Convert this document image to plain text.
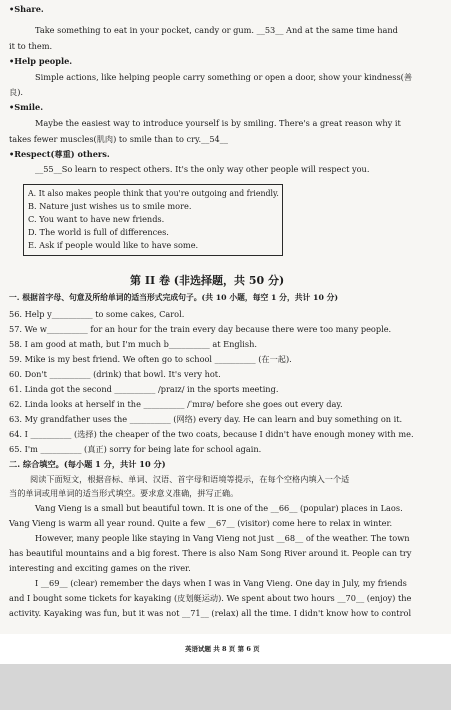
•Share.
Take something to eat in your pocket, candy or gum. __53__ And at the same time hand
it to them.
•Help people.
Simple actions, like helping people carry something or open a door, show your kindness(善
良).
•Smile.
Maybe the easiest way to introduce yourself is by smiling. There's a great reason why it
takes fewer muscles(肌肉) to smile than to cry.__54__
•Respect(尊重) others.
__55__So learn to respect others. It's the only way other people will respect you.
A. It also makes people think that you're outgoing and friendly.
B. Nature just wishes us to smile more.
C. You want to have new friends.
D. The world is full of differences.
E. Ask if people would like to have some.
第 II 卷 (非选择题，共 50 分)
一. 根据首字母、句意及所给单词的适当形式完成句子。(共 10 小题，每空 1 分，共计 10 分)
56. Help y__________ to some cakes, Carol.
57. We w__________ for an hour for the train every day because there were too many people.
58. I am good at math, but I'm much b__________ at English.
59. Mike is my best friend. We often go to school __________ (在一起).
60. Don't __________ (drink) that bowl. It's very hot.
61. Linda got the second __________ /praɪz/ in the sports meeting.
62. Linda looks at herself in the __________ /ˈmɪrə/ before she goes out every day.
63. My grandfather uses the __________ (网络) every day. He can learn and buy something on it.
64. I __________ (选择) the cheaper of the two coats, because I didn't have enough money with me.
65. I'm __________ (真正) sorry for being late for school again.
二. 综合填空。(每小题 1 分，共计 10 分)
阅读下面短文，根据音标、单词、汉语、首字母和语境等提示，在每个空格内填入一个适
当的单词或用单词的适当形式填空。要求意义准确，拼写正确。
Vang Vieng is a small but beautiful town. It is one of the __66__ (popular) places in Laos.
Vang Vieng is warm all year round. Quite a few __67__ (visitor) come here to relax in winter.
However, many people like staying in Vang Vieng not just __68__ of the weather. The town
has beautiful mountains and a big forest. There is also Nam Song River around it. People can try
interesting and exciting games on the river.
I __69__ (clear) remember the days when I was in Vang Vieng. One day in July, my friends
and I bought some tickets for kayaking (皮划艇运动). We spent about two hours __70__ (enjoy) the
activity. Kayaking was fun, but it was not __71__ (relax) all the time. I didn't know how to control
英语试题 共 8 页 第 6 页
